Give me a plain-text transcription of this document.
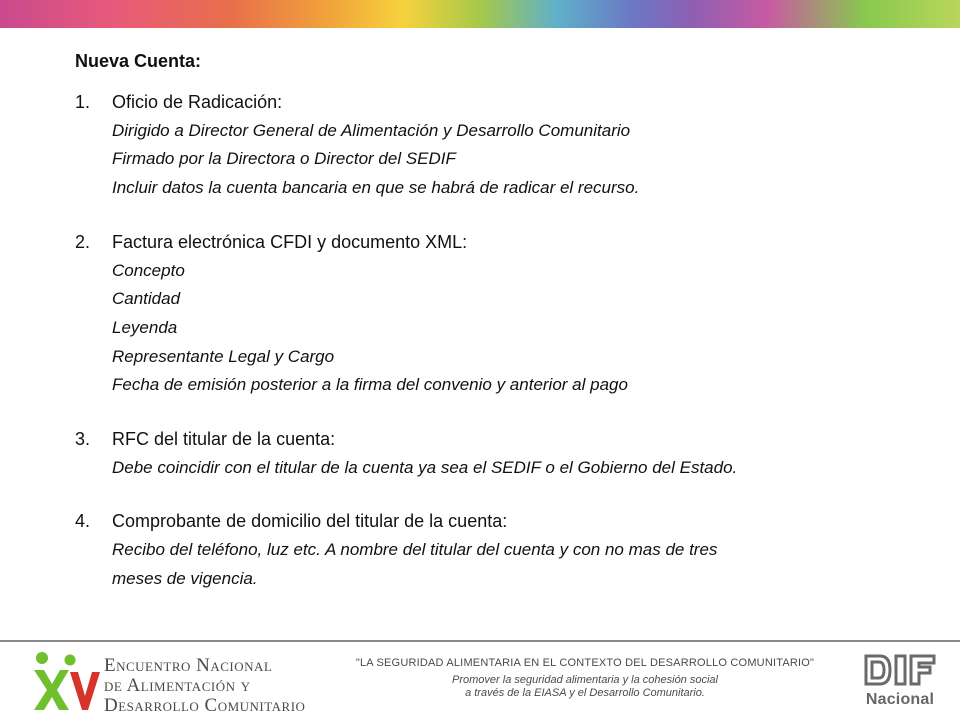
Nueva Cuenta:
1.	Oficio de Radicación:
Dirigido a Director General de Alimentación y Desarrollo Comunitario
Firmado por la Directora o Director del SEDIF
Incluir datos la cuenta bancaria en que se habrá de radicar el recurso.
2.	Factura electrónica CFDI y documento XML:
Concepto
Cantidad
Leyenda
Representante Legal y Cargo
Fecha de emisión posterior a la firma del convenio y anterior al pago
3.	RFC del titular de la cuenta:
Debe coincidir con el titular de la cuenta ya sea el SEDIF o el Gobierno del Estado.
4.	Comprobante de domicilio del titular de la cuenta:
Recibo del teléfono, luz etc. A nombre del titular del cuenta y con no mas de tres
meses de vigencia.
Encuentro Nacional
de Alimentación y
Desarrollo Comunitario
"LA SEGURIDAD ALIMENTARIA EN EL CONTEXTO DEL DESARROLLO COMUNITARIO"
Promover la seguridad alimentaria y la cohesión social
a través de la EIASA y el Desarrollo Comunitario.	Nacional
